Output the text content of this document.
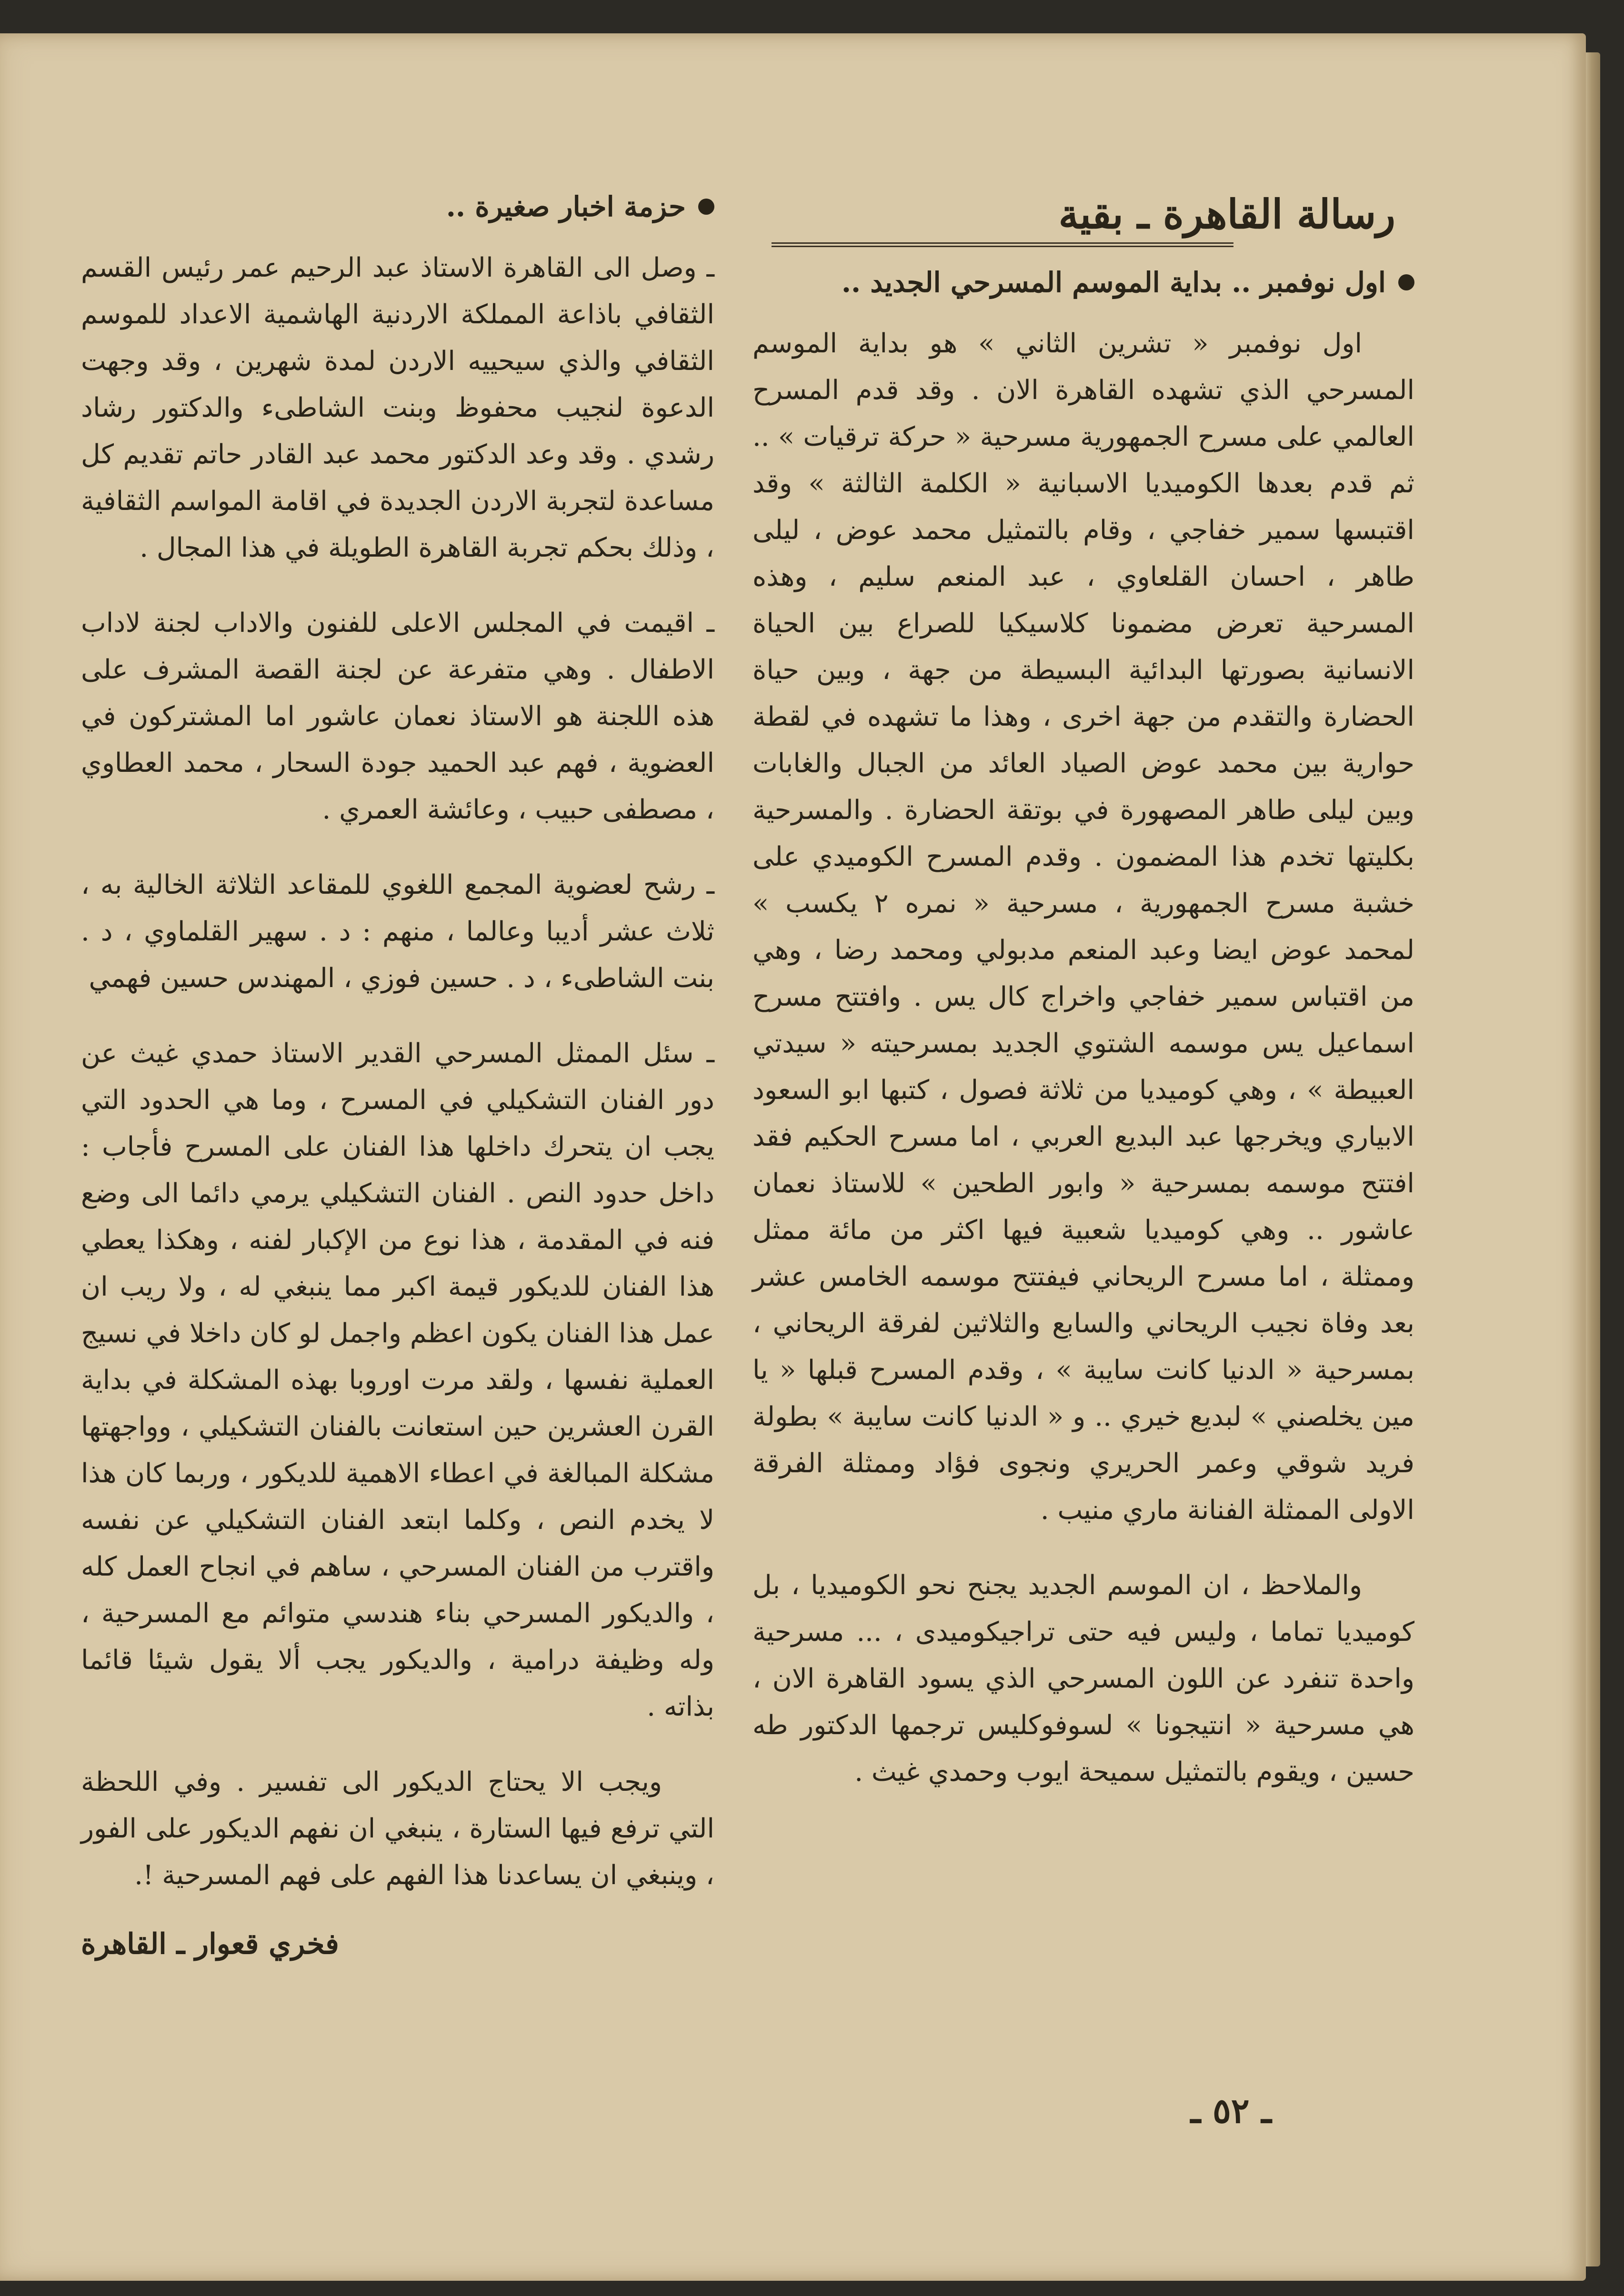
رسالة القاهرة ـ بقية
اول نوفمبر .. بداية الموسم المسرحي الجديد ..

اول نوفمبر « تشرين الثاني » هو بداية الموسم المسرحي الذي تشهده القاهرة الان . وقد قدم المسرح العالمي على مسرح الجمهورية مسرحية « حركة ترقيات » .. ثم قدم بعدها الكوميديا الاسبانية « الكلمة الثالثة » وقد اقتبسها سمير خفاجي ، وقام بالتمثيل محمد عوض ، ليلى طاهر ، احسان القلعاوي ، عبد المنعم سليم ، وهذه المسرحية تعرض مضمونا كلاسيكيا للصراع بين الحياة الانسانية بصورتها البدائية البسيطة من جهة ، وبين حياة الحضارة والتقدم من جهة اخرى ، وهذا ما تشهده في لقطة حوارية بين محمد عوض الصياد العائد من الجبال والغابات وبين ليلى طاهر المصهورة في بوتقة الحضارة . والمسرحية بكليتها تخدم هذا المضمون . وقدم المسرح الكوميدي على خشبة مسرح الجمهورية ، مسرحية « نمره ٢ يكسب » لمحمد عوض ايضا وعبد المنعم مدبولي ومحمد رضا ، وهي من اقتباس سمير خفاجي واخراج كال يس . وافتتح مسرح اسماعيل يس موسمه الشتوي الجديد بمسرحيته « سيدتي العبيطة » ، وهي كوميديا من ثلاثة فصول ، كتبها ابو السعود الابياري ويخرجها عبد البديع العربي ، اما مسرح الحكيم فقد افتتح موسمه بمسرحية « وابور الطحين » للاستاذ نعمان عاشور .. وهي كوميديا شعبية فيها اكثر من مائة ممثل وممثلة ، اما مسرح الريحاني فيفتتح موسمه الخامس عشر بعد وفاة نجيب الريحاني والسابع والثلاثين لفرقة الريحاني ، بمسرحية « الدنيا كانت سايبة » ، وقدم المسرح قبلها « يا مين يخلصني » لبديع خيري .. و « الدنيا كانت سايبة » بطولة فريد شوقي وعمر الحريري ونجوى فؤاد وممثلة الفرقة الاولى الممثلة الفنانة ماري منيب .

والملاحظ ، ان الموسم الجديد يجنح نحو الكوميديا ، بل كوميديا تماما ، وليس فيه حتى تراجيكوميدى ، ... مسرحية واحدة تنفرد عن اللون المسرحي الذي يسود القاهرة الان ، هي مسرحية « انتيجونا » لسوفوكليس ترجمها الدكتور طه حسين ، ويقوم بالتمثيل سميحة ايوب وحمدي غيث .

حزمة اخبار صغيرة ..

ـ وصل الى القاهرة الاستاذ عبد الرحيم عمر رئيس القسم الثقافي باذاعة المملكة الاردنية الهاشمية الاعداد للموسم الثقافي والذي سيحييه الاردن لمدة شهرين ، وقد وجهت الدعوة لنجيب محفوظ وبنت الشاطىء والدكتور رشاد رشدي . وقد وعد الدكتور محمد عبد القادر حاتم تقديم كل مساعدة لتجربة الاردن الجديدة في اقامة المواسم الثقافية ، وذلك بحكم تجربة القاهرة الطويلة في هذا المجال .

ـ اقيمت في المجلس الاعلى للفنون والاداب لجنة لاداب الاطفال . وهي متفرعة عن لجنة القصة المشرف على هذه اللجنة هو الاستاذ نعمان عاشور اما المشتركون في العضوية ، فهم عبد الحميد جودة السحار ، محمد العطاوي ، مصطفى حبيب ، وعائشة العمري .

ـ رشح لعضوية المجمع اللغوي للمقاعد الثلاثة الخالية به ، ثلاث عشر أديبا وعالما ، منهم : د . سهير القلماوي ، د . بنت الشاطىء ، د . حسين فوزي ، المهندس حسين فهمي

ـ سئل الممثل المسرحي القدير الاستاذ حمدي غيث عن دور الفنان التشكيلي في المسرح ، وما هي الحدود التي يجب ان يتحرك داخلها هذا الفنان على المسرح فأجاب : داخل حدود النص . الفنان التشكيلي يرمي دائما الى وضع فنه في المقدمة ، هذا نوع من الإكبار لفنه ، وهكذا يعطي هذا الفنان للديكور قيمة اكبر مما ينبغي له ، ولا ريب ان عمل هذا الفنان يكون اعظم واجمل لو كان داخلا في نسيج العملية نفسها ، ولقد مرت اوروبا بهذه المشكلة في بداية القرن العشرين حين استعانت بالفنان التشكيلي ، وواجهتها مشكلة المبالغة في اعطاء الاهمية للديكور ، وربما كان هذا لا يخدم النص ، وكلما ابتعد الفنان التشكيلي عن نفسه واقترب من الفنان المسرحي ، ساهم في انجاح العمل كله ، والديكور المسرحي بناء هندسي متوائم مع المسرحية ، وله وظيفة درامية ، والديكور يجب ألا يقول شيئا قائما بذاته .

ويجب الا يحتاج الديكور الى تفسير . وفي اللحظة التي ترفع فيها الستارة ، ينبغي ان نفهم الديكور على الفور ، وينبغي ان يساعدنا هذا الفهم على فهم المسرحية !.

فخري قعوار ـ القاهرة
ـ ٥٢ ـ
